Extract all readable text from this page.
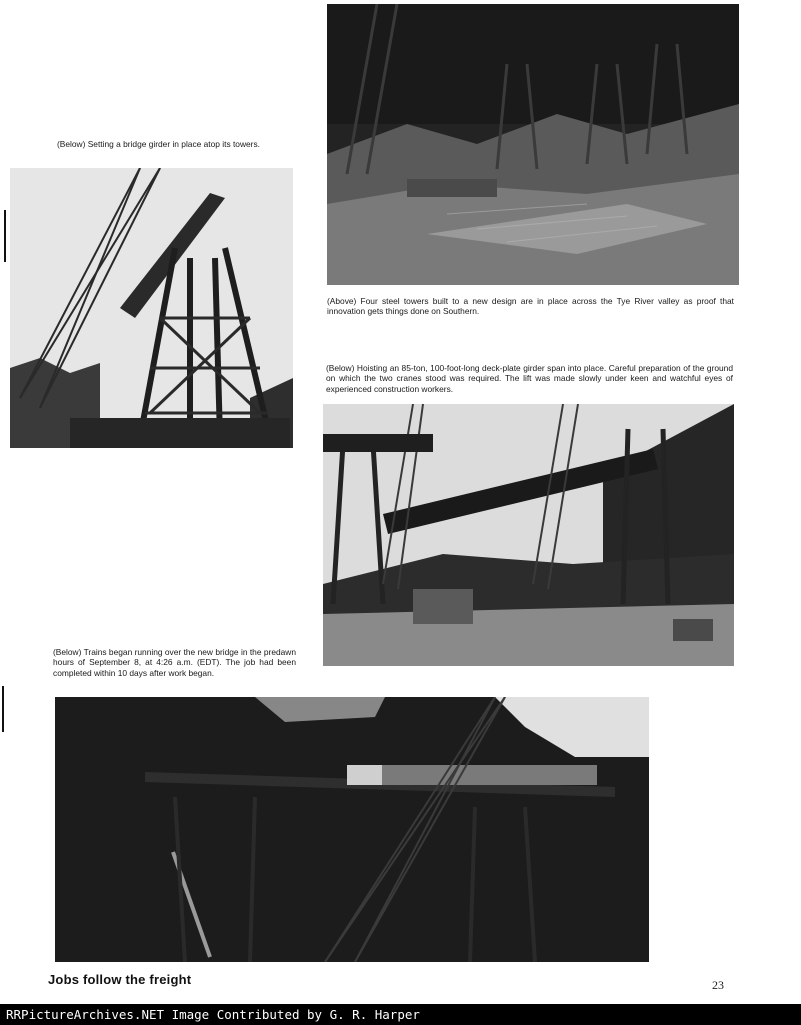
(Below) Setting a bridge girder in place atop its towers.
(Above) Four steel towers built to a new design are in place across the Tye River valley as proof that innovation gets things done on Southern.
(Below) Hoisting an 85-ton, 100-foot-long deck-plate girder span into place. Careful preparation of the ground on which the two cranes stood was required. The lift was made slowly under keen and watchful eyes of experienced construction workers.
(Below) Trains began running over the new bridge in the predawn hours of September 8, at 4:26 a.m. (EDT). The job had been completed within 10 days after work began.
Jobs follow the freight	23
RRPictureArchives.NET Image Contributed by G. R. Harper
